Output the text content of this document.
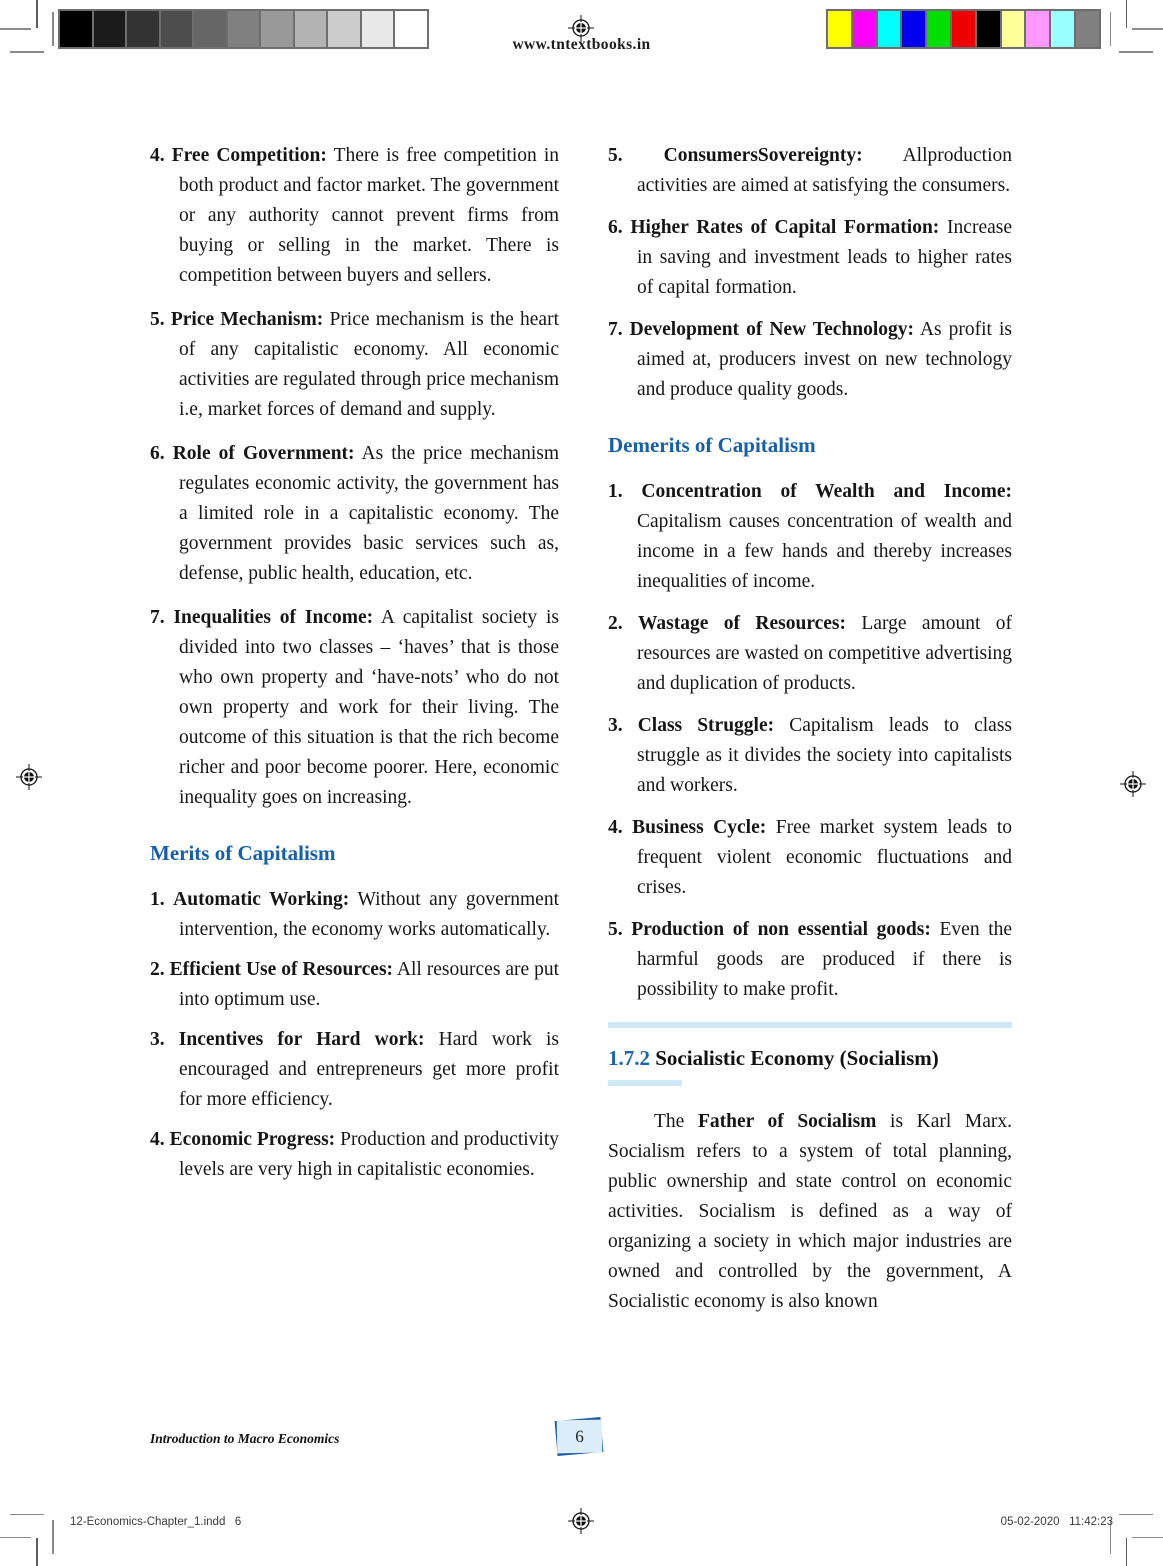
www.tntextbooks.in

4. Free Competition: There is free competition in both product and factor market. The government or any authority cannot prevent firms from buying or selling in the market. There is competition between buyers and sellers.

5. Price Mechanism: Price mechanism is the heart of any capitalistic economy. All economic activities are regulated through price mechanism i.e, market forces of demand and supply.

6. Role of Government: As the price mechanism regulates economic activity, the government has a limited role in a capitalistic economy. The government provides basic services such as, defense, public health, education, etc.

7. Inequalities of Income: A capitalist society is divided into two classes – ‘haves’ that is those who own property and ‘have-nots’ who do not own property and work for their living. The outcome of this situation is that the rich become richer and poor become poorer. Here, economic inequality goes on increasing.

Merits of Capitalism

1. Automatic Working: Without any government intervention, the economy works automatically.

2. Efficient Use of Resources: All resources are put into optimum use.

3. Incentives for Hard work: Hard work is encouraged and entrepreneurs get more profit for more efficiency.

4. Economic Progress: Production and productivity levels are very high in capitalistic economies.

5. ConsumersSovereignty: Allproduction activities are aimed at satisfying the consumers.

6. Higher Rates of Capital Formation: Increase in saving and investment leads to higher rates of capital formation.

7. Development of New Technology: As profit is aimed at, producers invest on new technology and produce quality goods.

Demerits of Capitalism

1. Concentration of Wealth and Income: Capitalism causes concentration of wealth and income in a few hands and thereby increases inequalities of income.

2. Wastage of Resources: Large amount of resources are wasted on competitive advertising and duplication of products.

3. Class Struggle: Capitalism leads to class struggle as it divides the society into capitalists and workers.

4. Business Cycle: Free market system leads to frequent violent economic fluctuations and crises.

5. Production of non essential goods: Even the harmful goods are produced if there is possibility to make profit.

1.7.2 Socialistic Economy (Socialism)

The Father of Socialism is Karl Marx. Socialism refers to a system of total planning, public ownership and state control on economic activities. Socialism is defined as a way of organizing a society in which major industries are owned and controlled by the government, A Socialistic economy is also known

Introduction to Macro Economics	6
12-Economics-Chapter_1.indd   6	05-02-2020   11:42:23
